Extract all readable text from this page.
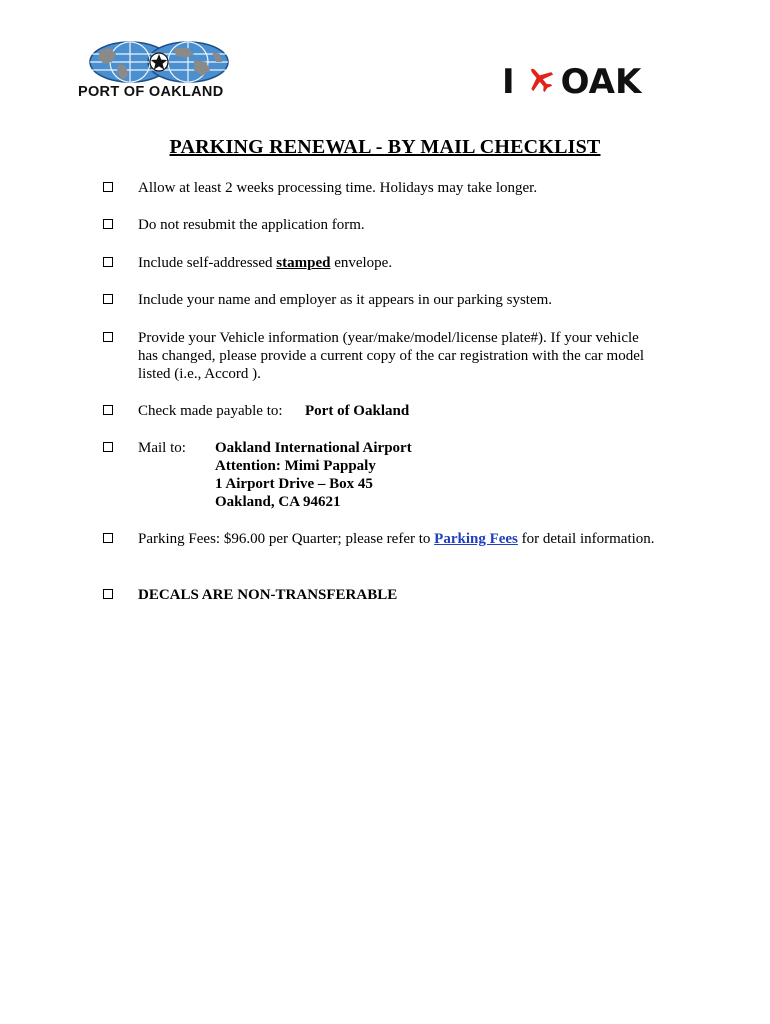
PORT OF OAKLAND	I OAK
PARKING RENEWAL - BY MAIL CHECKLIST
Allow at least 2 weeks processing time. Holidays may take longer.
Do not resubmit the application form.
Include self-addressed stamped envelope.
Include your name and employer as it appears in our parking system.
Provide your Vehicle information (year/make/model/license plate#). If your vehicle has changed, please provide a current copy of the car registration with the car model listed (i.e., Accord ).
Check made payable to: Port of Oakland
Mail to: Oakland International Airport
Attention: Mimi Pappaly
1 Airport Drive – Box 45
Oakland, CA 94621
Parking Fees: $96.00 per Quarter; please refer to Parking Fees for detail information.
DECALS ARE NON-TRANSFERABLE
